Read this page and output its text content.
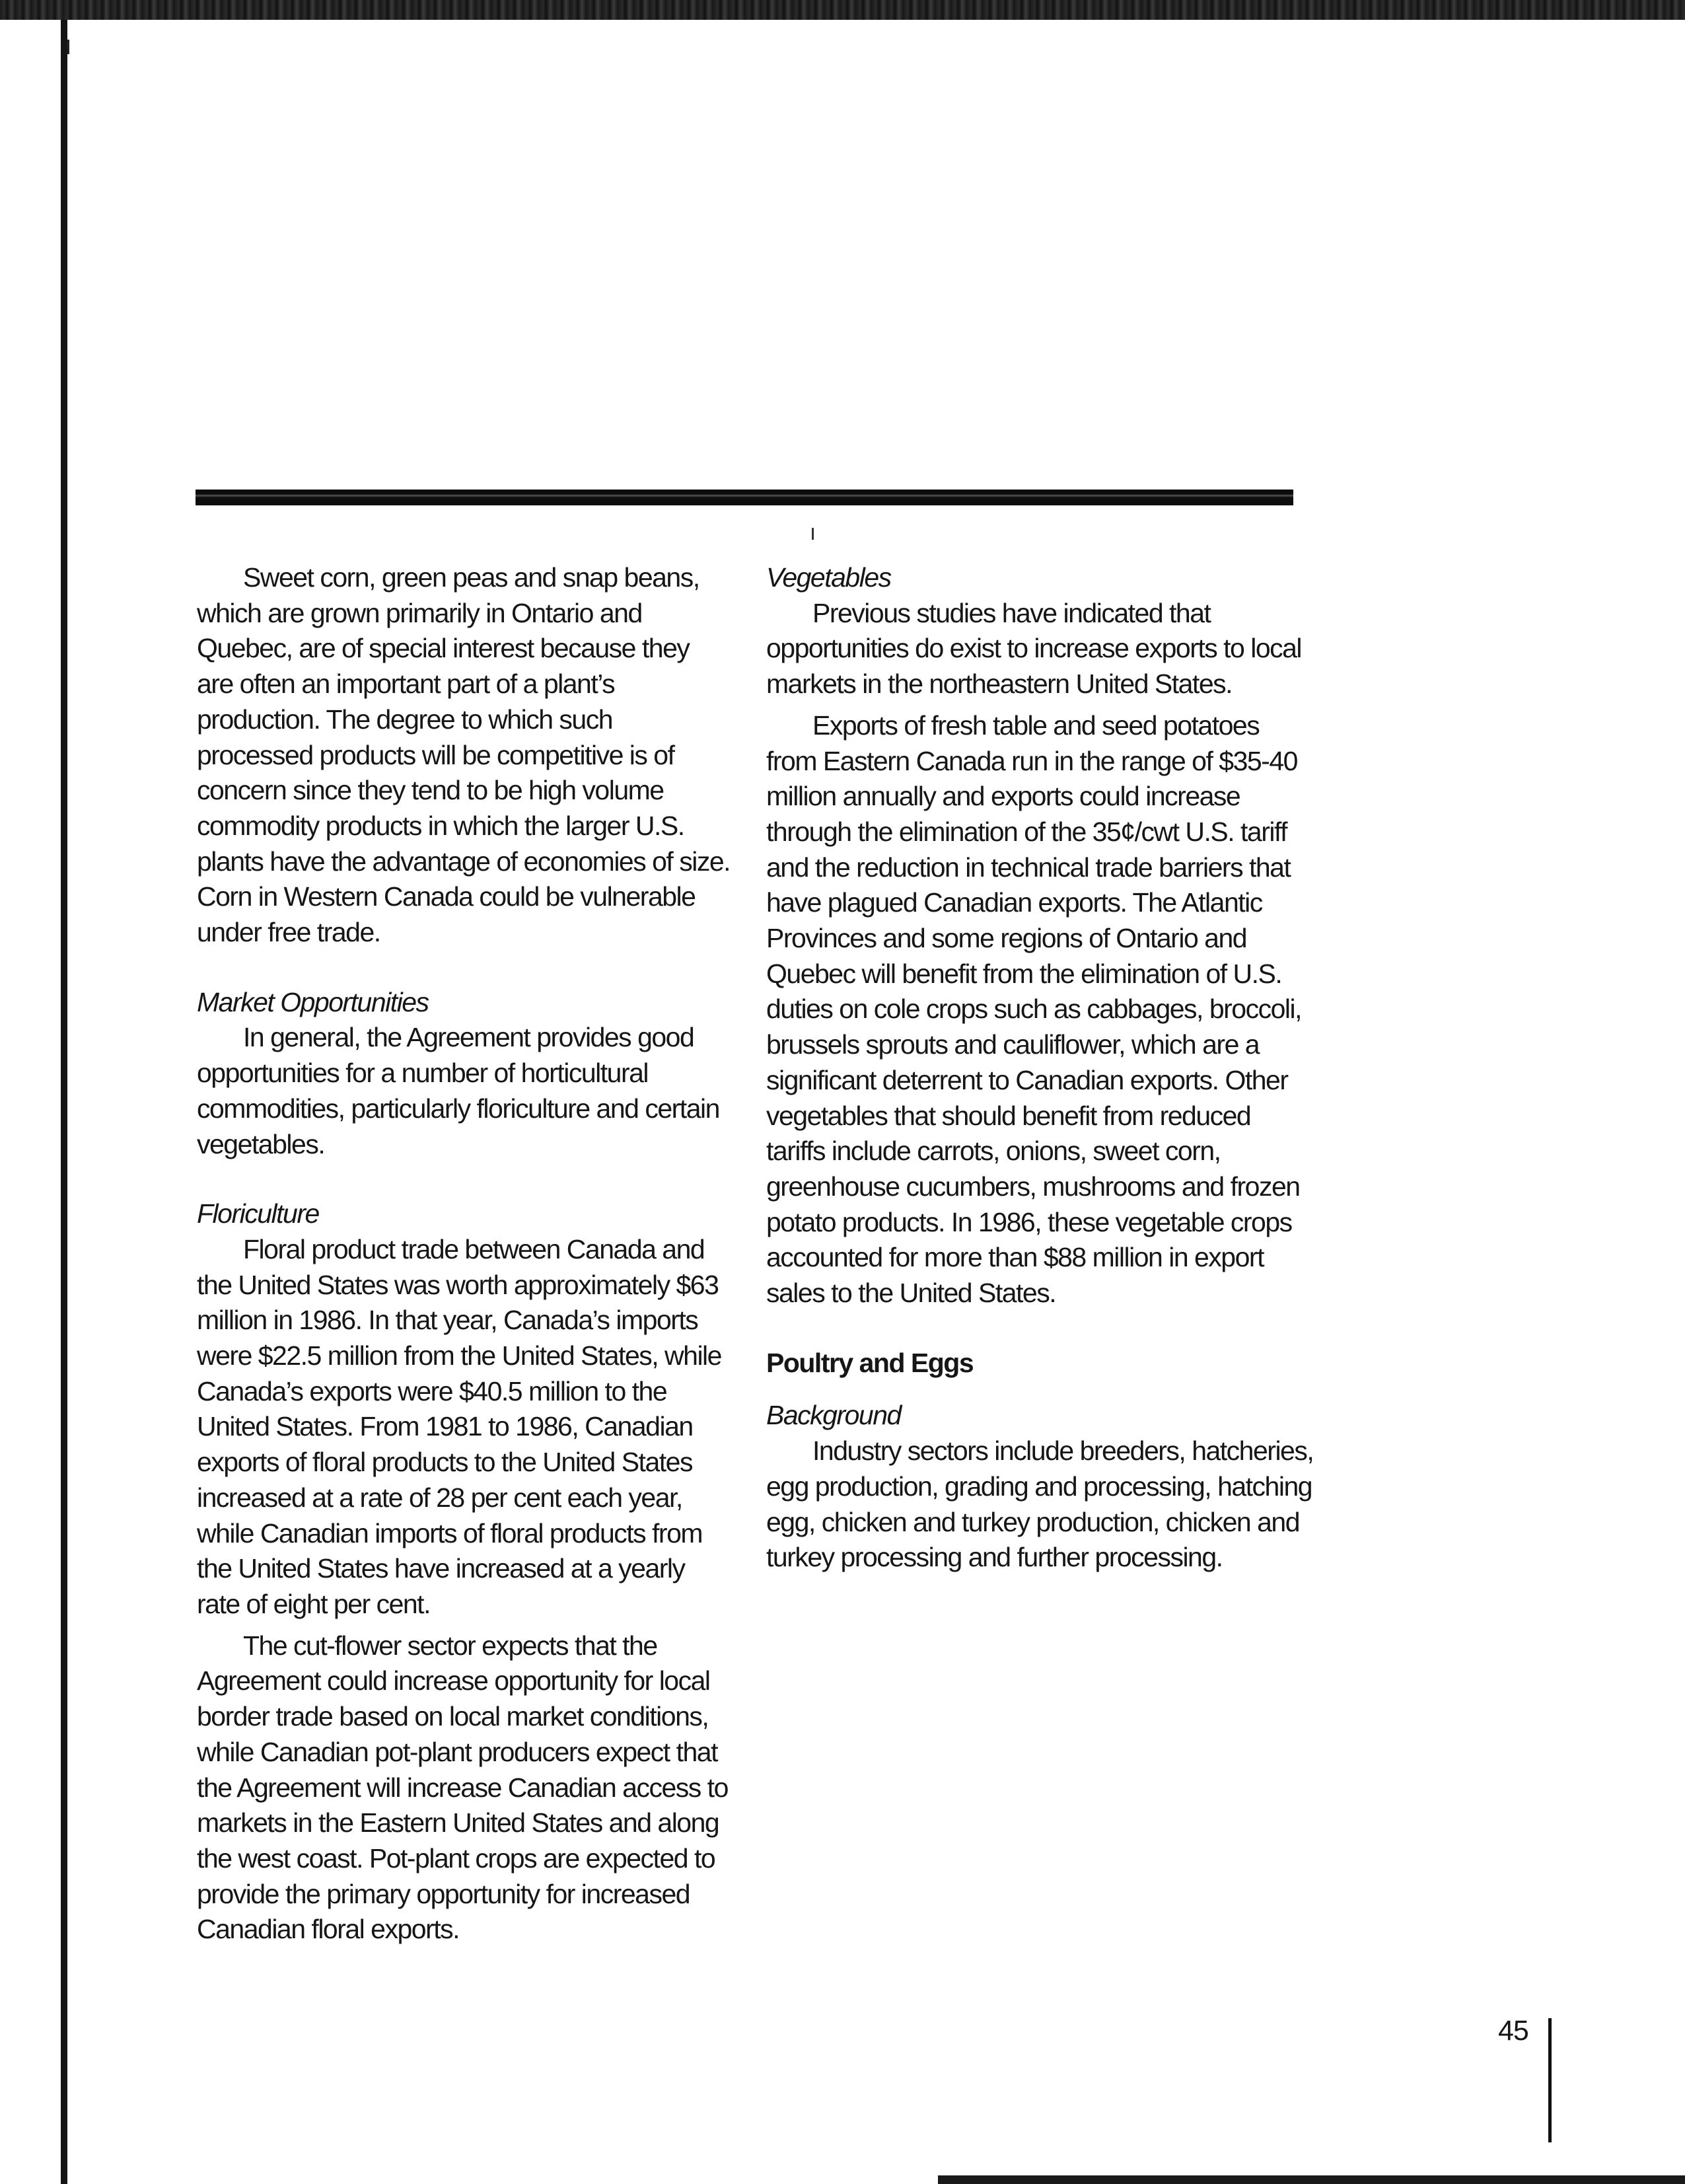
Sweet corn, green peas and snap beans, which are grown primarily in Ontario and Quebec, are of special interest because they are often an important part of a plant’s production. The degree to which such processed products will be competitive is of concern since they tend to be high volume commodity products in which the larger U.S. plants have the advantage of economies of size. Corn in Western Canada could be vulnerable under free trade.

Market Opportunities

In general, the Agreement provides good opportunities for a number of horticultural commodities, particularly floriculture and certain vegetables.

Floriculture

Floral product trade between Canada and the United States was worth approximately $63 million in 1986. In that year, Canada’s imports were $22.5 million from the United States, while Canada’s exports were $40.5 million to the United States. From 1981 to 1986, Canadian exports of floral products to the United States increased at a rate of 28 per cent each year, while Canadian imports of floral products from the United States have increased at a yearly rate of eight per cent.

The cut-flower sector expects that the Agreement could increase opportunity for local border trade based on local market conditions, while Canadian pot-plant producers expect that the Agreement will increase Canadian access to markets in the Eastern United States and along the west coast. Pot-plant crops are expected to provide the primary opportunity for increased Canadian floral exports.

Vegetables

Previous studies have indicated that opportunities do exist to increase exports to local markets in the northeastern United States.

Exports of fresh table and seed potatoes from Eastern Canada run in the range of $35-40 million annually and exports could increase through the elimination of the 35¢/cwt U.S. tariff and the reduction in technical trade barriers that have plagued Canadian exports. The Atlantic Provinces and some regions of Ontario and Quebec will benefit from the elimination of U.S. duties on cole crops such as cabbages, broccoli, brussels sprouts and cauliflower, which are a significant deterrent to Canadian exports. Other vegetables that should benefit from reduced tariffs include carrots, onions, sweet corn, greenhouse cucumbers, mushrooms and frozen potato products. In 1986, these vegetable crops accounted for more than $88 million in export sales to the United States.

Poultry and Eggs

Background

Industry sectors include breeders, hatcheries, egg production, grading and processing, hatching egg, chicken and turkey production, chicken and turkey processing and further processing.

45
